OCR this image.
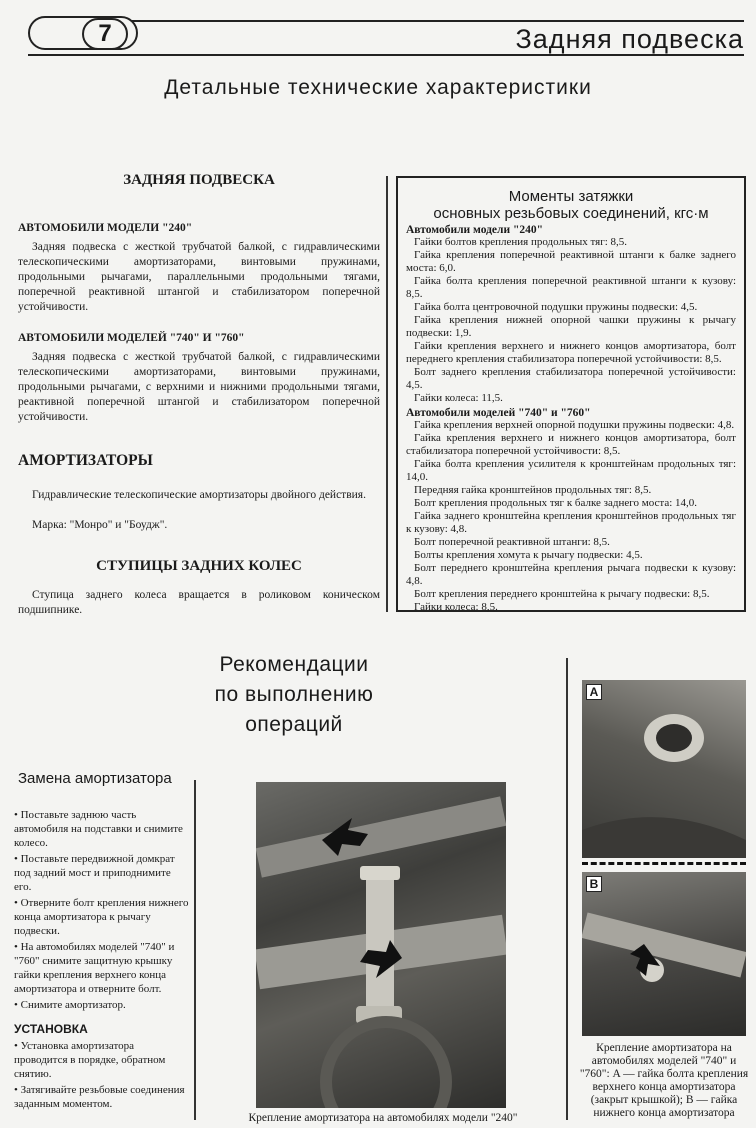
7	Задняя подвеска
Детальные технические характеристики
ЗАДНЯЯ ПОДВЕСКА
АВТОМОБИЛИ МОДЕЛИ "240"
Задняя подвеска с жесткой трубчатой балкой, с гидравлическими телескопическими амортизаторами, винтовыми пружинами, продольными рычагами, параллельными продольными тягами, поперечной реактивной штангой и стабилизатором поперечной устойчивости.
АВТОМОБИЛИ МОДЕЛЕЙ "740" И "760"
Задняя подвеска с жесткой трубчатой балкой, с гидравлическими телескопическими амортизаторами, винтовыми пружинами, продольными рычагами, с верхними и нижними продольными тягами, реактивной поперечной штангой и стабилизатором поперечной устойчивости.
АМОРТИЗАТОРЫ
Гидравлические телескопические амортизаторы двойного действия.
Марка: "Монро" и "Боудж".
СТУПИЦЫ ЗАДНИХ КОЛЕС
Ступица заднего колеса вращается в роликовом коническом подшипнике.
Моменты затяжки
основных резьбовых соединений, кгс·м
Автомобили модели "240"
Гайки болтов крепления продольных тяг: 8,5.
Гайка крепления поперечной реактивной штанги к балке заднего моста: 6,0.
Гайка болта крепления поперечной реактивной штанги к кузову: 8,5.
Гайка болта центровочной подушки пружины подвески: 4,5.
Гайка крепления нижней опорной чашки пружины к рычагу подвески: 1,9.
Гайки крепления верхнего и нижнего концов амортизатора, болт переднего крепления стабилизатора поперечной устойчивости: 8,5.
Болт заднего крепления стабилизатора поперечной устойчивости: 4,5.
Гайки колеса: 11,5.
Автомобили моделей "740" и "760"
Гайка крепления верхней опорной подушки пружины подвески: 4,8.
Гайка крепления верхнего и нижнего концов амортизатора, болт стабилизатора поперечной устойчивости: 8,5.
Гайка болта крепления усилителя к кронштейнам продольных тяг: 14,0.
Передняя гайка кронштейнов продольных тяг: 8,5.
Болт крепления продольных тяг к балке заднего моста: 14,0.
Гайка заднего кронштейна крепления кронштейнов продольных тяг к кузову: 4,8.
Болт поперечной реактивной штанги: 8,5.
Болты крепления хомута к рычагу подвески: 4,5.
Болт переднего кронштейна крепления рычага подвески к кузову: 4,8.
Болт крепления переднего кронштейна к рычагу подвески: 8,5.
Гайки колеса: 8,5.
Рекомендации
по выполнению
операций
Замена амортизатора
• Поставьте заднюю часть автомобиля на подставки и снимите колесо.
• Поставьте передвижной домкрат под задний мост и приподнимите его.
• Отверните болт крепления нижнего конца амортизатора к рычагу подвески.
• На автомобилях моделей "740" и "760" снимите защитную крышку гайки крепления верхнего конца амортизатора и отверните болт.
• Снимите амортизатор.
УСТАНОВКА
• Установка амортизатора проводится в порядке, обратном снятию.
• Затягивайте резьбовые соединения заданным моментом.
A
B
Крепление амортизатора на автомобилях модели "240"
Крепление амортизатора на автомобилях моделей "740" и "760": A — гайка болта крепления верхнего конца амортизатора (закрыт крышкой); B — гайка нижнего конца амортизатора
